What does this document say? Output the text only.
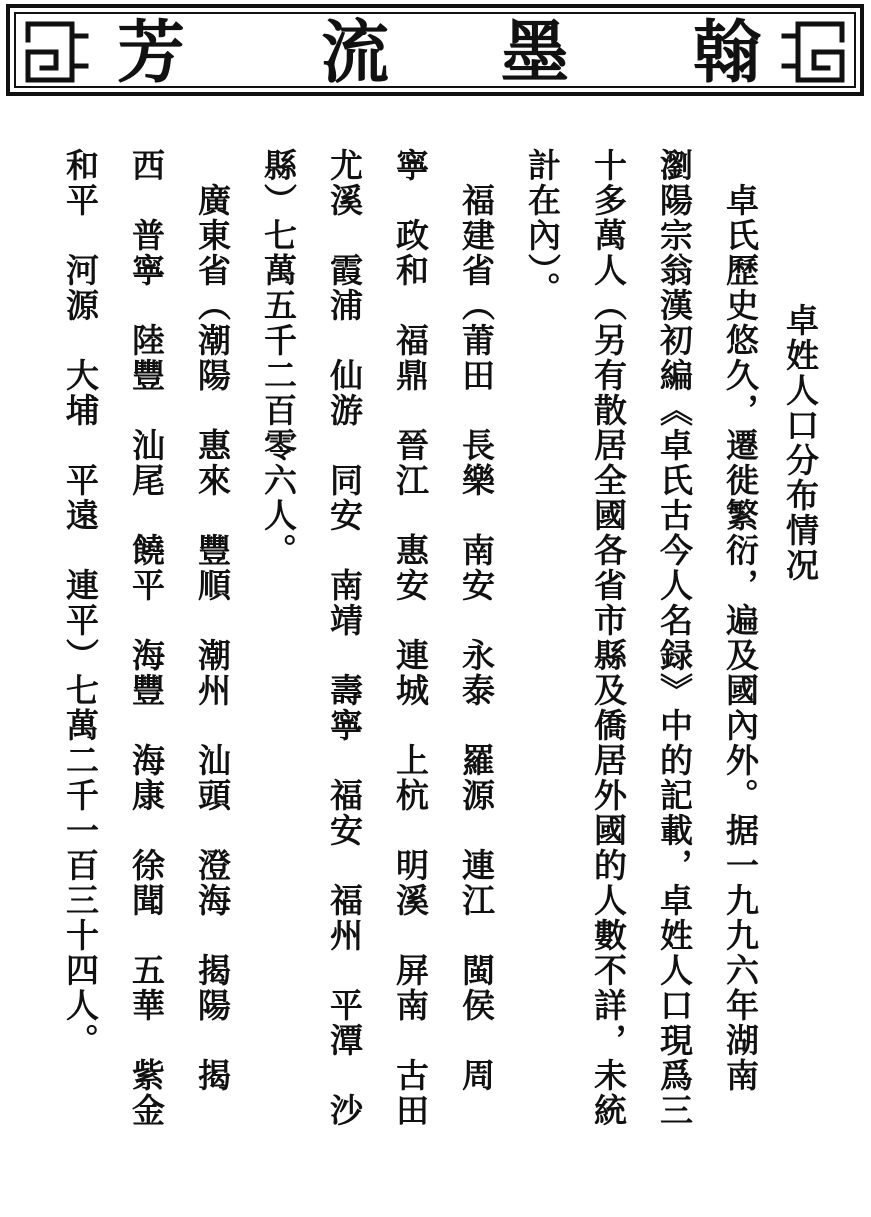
芳 流 墨 翰
卓姓人口分布情况
　卓氏歷史悠久，遷徙繁衍，遍及國內外。据一九九六年湖南
瀏陽宗翁漢初編《卓氏古今人名録》中的記載，卓姓人口現爲三
十多萬人（另有散居全國各省市縣及僑居外國的人數不詳，未統
計在內）。
　福建省（莆田　長樂　南安　永泰　羅源　連江　閩侯　周
寧　政和　福鼎　晉江　惠安　連城　上杭　明溪　屏南　古田
尤溪　霞浦　仙游　同安　南靖　壽寧　福安　福州　平潭　沙
縣）七萬五千二百零六人。
　廣東省（潮陽　惠來　豐順　潮州　汕頭　澄海　揭陽　揭
西　普寧　陸豐　汕尾　饒平　海豐　海康　徐聞　五華　紫金
和平　河源　大埔　平遠　連平）七萬二千一百三十四人。
